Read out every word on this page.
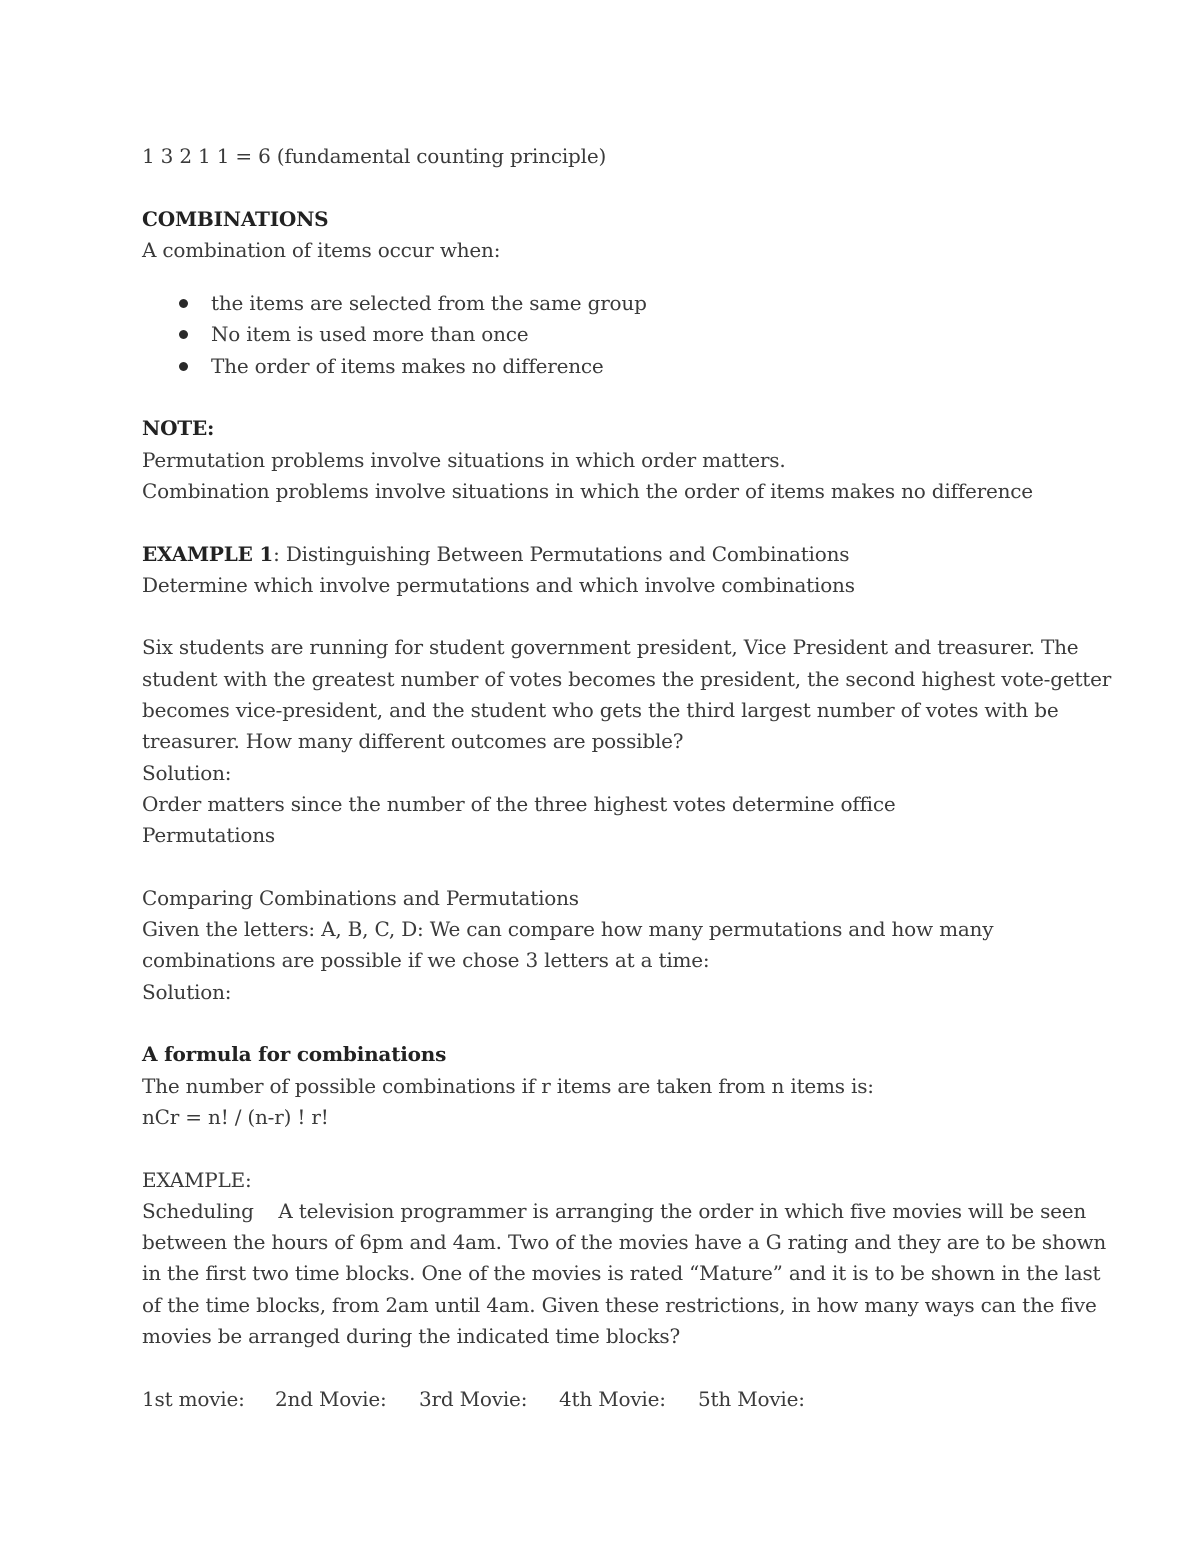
1 3 2 1 1 = 6 (fundamental counting principle)
COMBINATIONS
A combination of items occur when:
the items are selected from the same group
No item is used more than once
The order of items makes no difference
NOTE:
Permutation problems involve situations in which order matters.
Combination problems involve situations in which the order of items makes no difference
EXAMPLE 1: Distinguishing Between Permutations and Combinations
Determine which involve permutations and which involve combinations
Six students are running for student government president, Vice President and treasurer. The
student with the greatest number of votes becomes the president, the second highest vote-getter
becomes vice-president, and the student who gets the third largest number of votes with be
treasurer. How many different outcomes are possible?
Solution:
Order matters since the number of the three highest votes determine office
Permutations
Comparing Combinations and Permutations
Given the letters: A, B, C, D: We can compare how many permutations and how many
combinations are possible if we chose 3 letters at a time:
Solution:
A formula for combinations
The number of possible combinations if r items are taken from n items is:
nCr = n! / (n-r) ! r!
EXAMPLE:
Scheduling    A television programmer is arranging the order in which five movies will be seen
between the hours of 6pm and 4am. Two of the movies have a G rating and they are to be shown
in the first two time blocks. One of the movies is rated “Mature” and it is to be shown in the last
of the time blocks, from 2am until 4am. Given these restrictions, in how many ways can the five
movies be arranged during the indicated time blocks?
1st movie:	2nd Movie:	3rd Movie:	4th Movie:	5th Movie:
